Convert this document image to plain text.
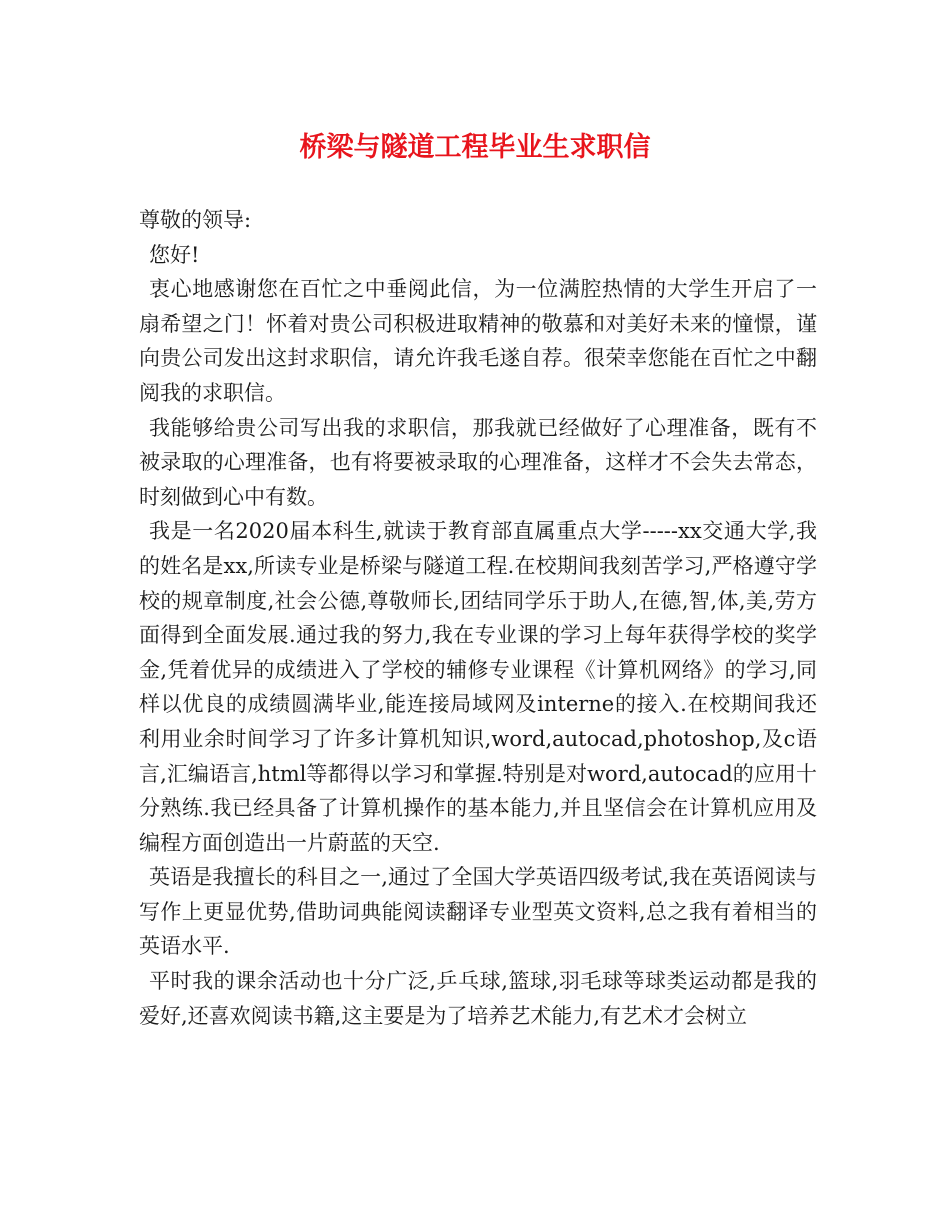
桥梁与隧道工程毕业生求职信

尊敬的领导:

您好!

衷心地感谢您在百忙之中垂阅此信，为一位满腔热情的大学生开启了一扇希望之门！怀着对贵公司积极进取精神的敬慕和对美好未来的憧憬，谨向贵公司发出这封求职信，请允许我毛遂自荐。很荣幸您能在百忙之中翻阅我的求职信。

我能够给贵公司写出我的求职信，那我就已经做好了心理准备，既有不被录取的心理准备，也有将要被录取的心理准备，这样才不会失去常态，时刻做到心中有数。

我是一名2020届本科生,就读于教育部直属重点大学-----xx交通大学,我的姓名是xx,所读专业是桥梁与隧道工程.在校期间我刻苦学习,严格遵守学校的规章制度,社会公德,尊敬师长,团结同学乐于助人,在德,智,体,美,劳方面得到全面发展.通过我的努力,我在专业课的学习上每年获得学校的奖学金,凭着优异的成绩进入了学校的辅修专业课程《计算机网络》的学习,同样以优良的成绩圆满毕业,能连接局域网及interne的接入.在校期间我还利用业余时间学习了许多计算机知识,word,autocad,photoshop,及c语言,汇编语言,html等都得以学习和掌握.特别是对word,autocad的应用十分熟练.我已经具备了计算机操作的基本能力,并且坚信会在计算机应用及编程方面创造出一片蔚蓝的天空.

英语是我擅长的科目之一,通过了全国大学英语四级考试,我在英语阅读与写作上更显优势,借助词典能阅读翻译专业型英文资料,总之我有着相当的英语水平.

平时我的课余活动也十分广泛,乒乓球,篮球,羽毛球等球类运动都是我的爱好,还喜欢阅读书籍,这主要是为了培养艺术能力,有艺术才会树立
